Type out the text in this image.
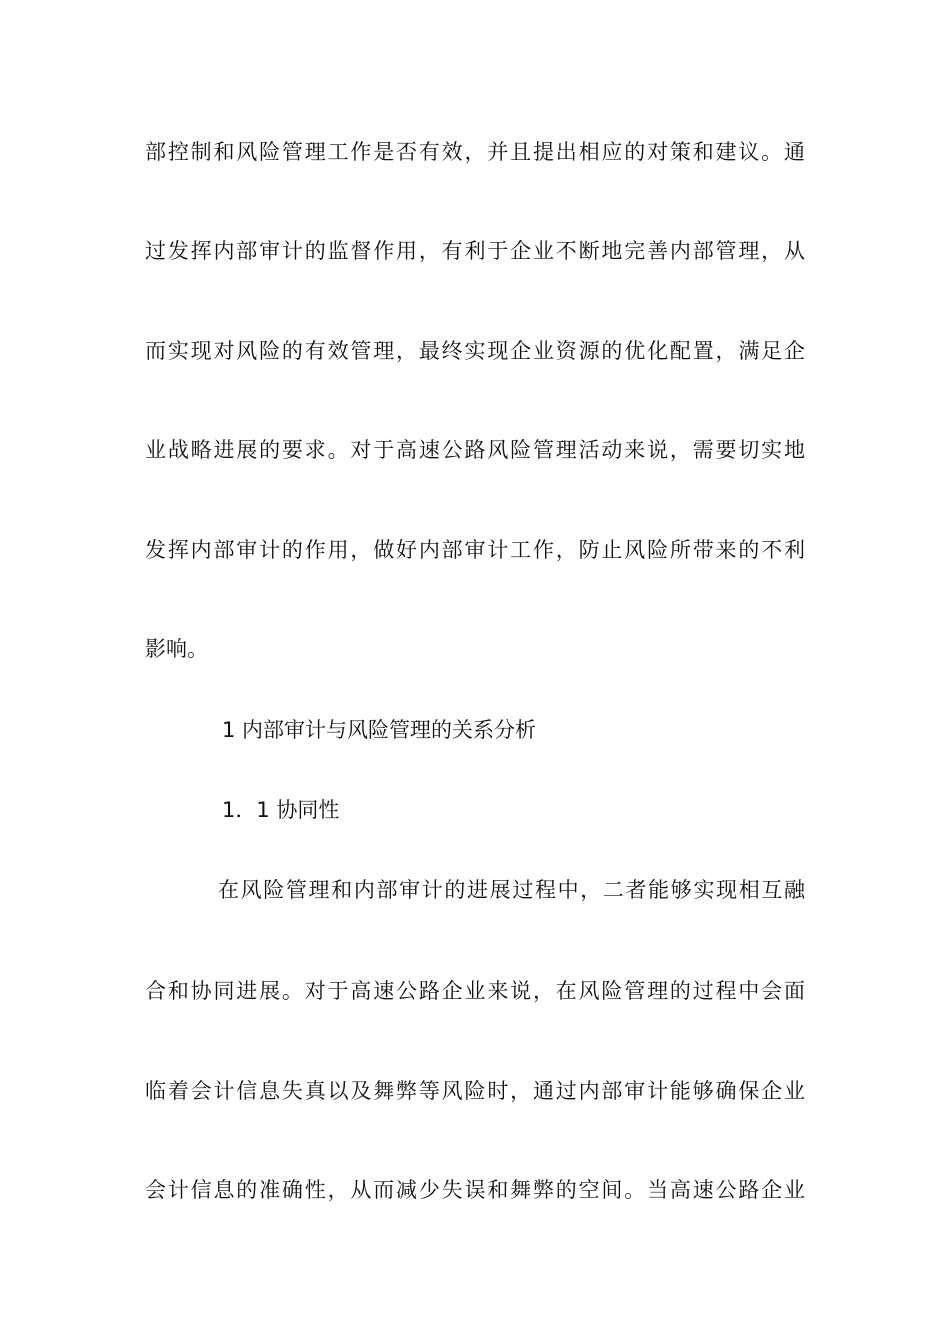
部控制和风险管理工作是否有效，并且提出相应的对策和建议。通
过发挥内部审计的监督作用，有利于企业不断地完善内部管理，从
而实现对风险的有效管理，最终实现企业资源的优化配置，满足企
业战略进展的要求。对于高速公路风险管理活动来说，需要切实地
发挥内部审计的作用，做好内部审计工作，防止风险所带来的不利
影响。
1 内部审计与风险管理的关系分析
1．1 协同性
在风险管理和内部审计的进展过程中，二者能够实现相互融
合和协同进展。对于高速公路企业来说，在风险管理的过程中会面
临着会计信息失真以及舞弊等风险时，通过内部审计能够确保企业
会计信息的准确性，从而减少失误和舞弊的空间。当高速公路企业
